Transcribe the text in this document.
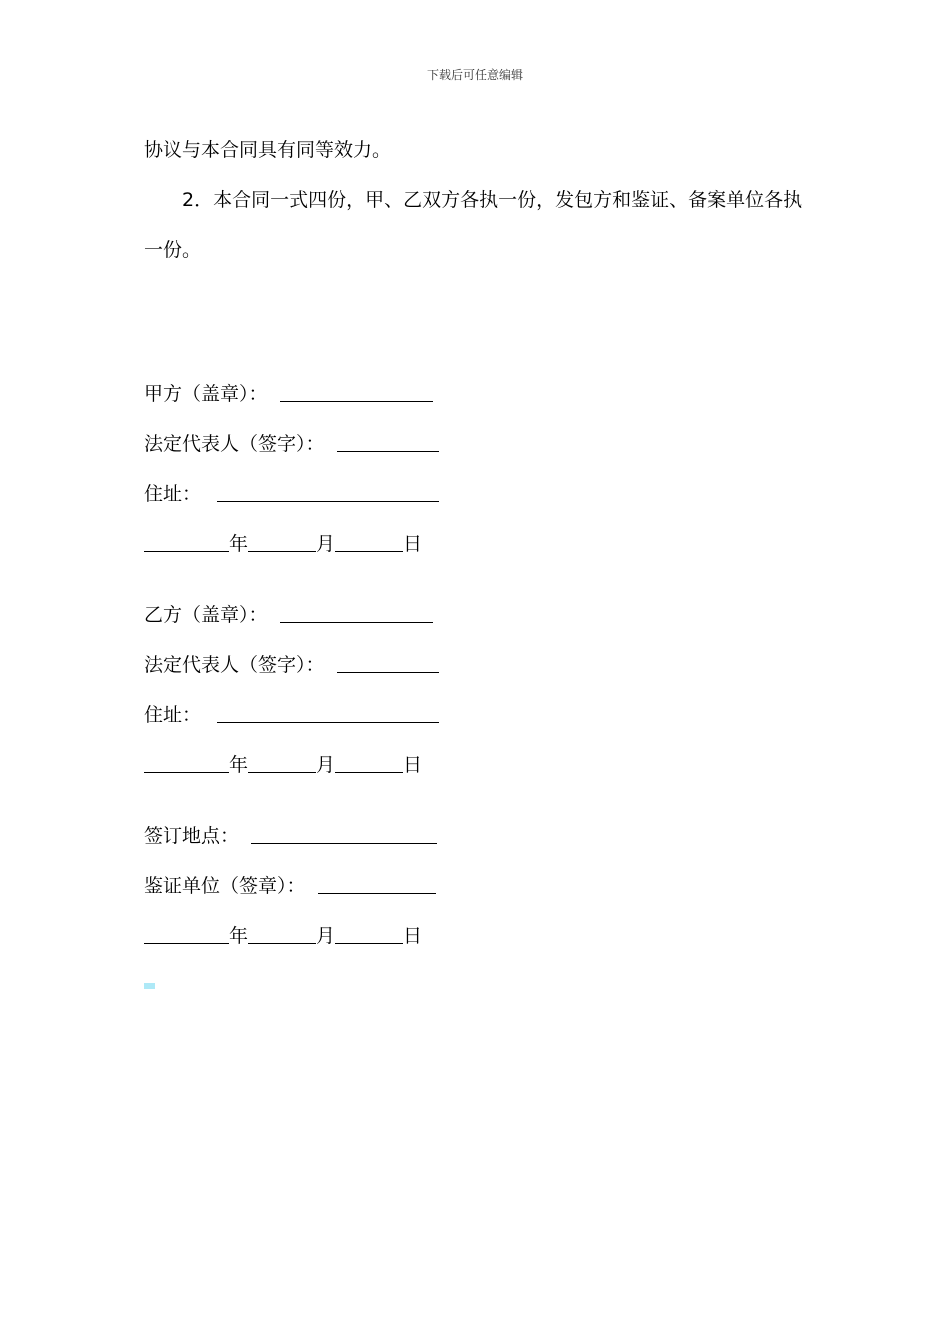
下载后可任意编辑
协议与本合同具有同等效力。
2．本合同一式四份，甲、乙双方各执一份，发包方和鉴证、备案单位各执
一份。
甲方（盖章）：
法定代表人（签字）：
住址：
年	月	日
乙方（盖章）：
法定代表人（签字）：
住址：
年	月	日
签订地点：
鉴证单位（签章）：
年	月	日
